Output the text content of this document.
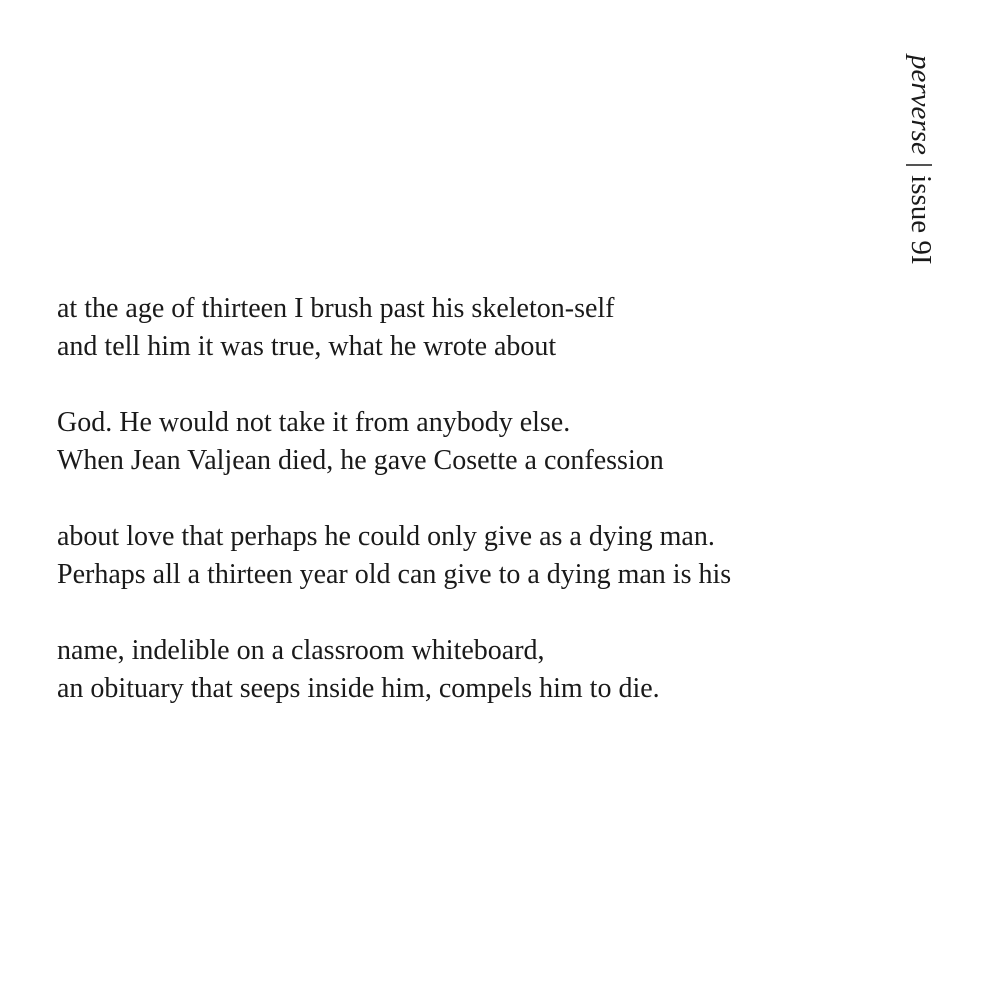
perverse | issue 9I
at the age of thirteen I brush past his skeleton-self
and tell him it was true, what he wrote about
God. He would not take it from anybody else.
When Jean Valjean died, he gave Cosette a confession
about love that perhaps he could only give as a dying man.
Perhaps all a thirteen year old can give to a dying man is his
name, indelible on a classroom whiteboard,
an obituary that seeps inside him, compels him to die.
